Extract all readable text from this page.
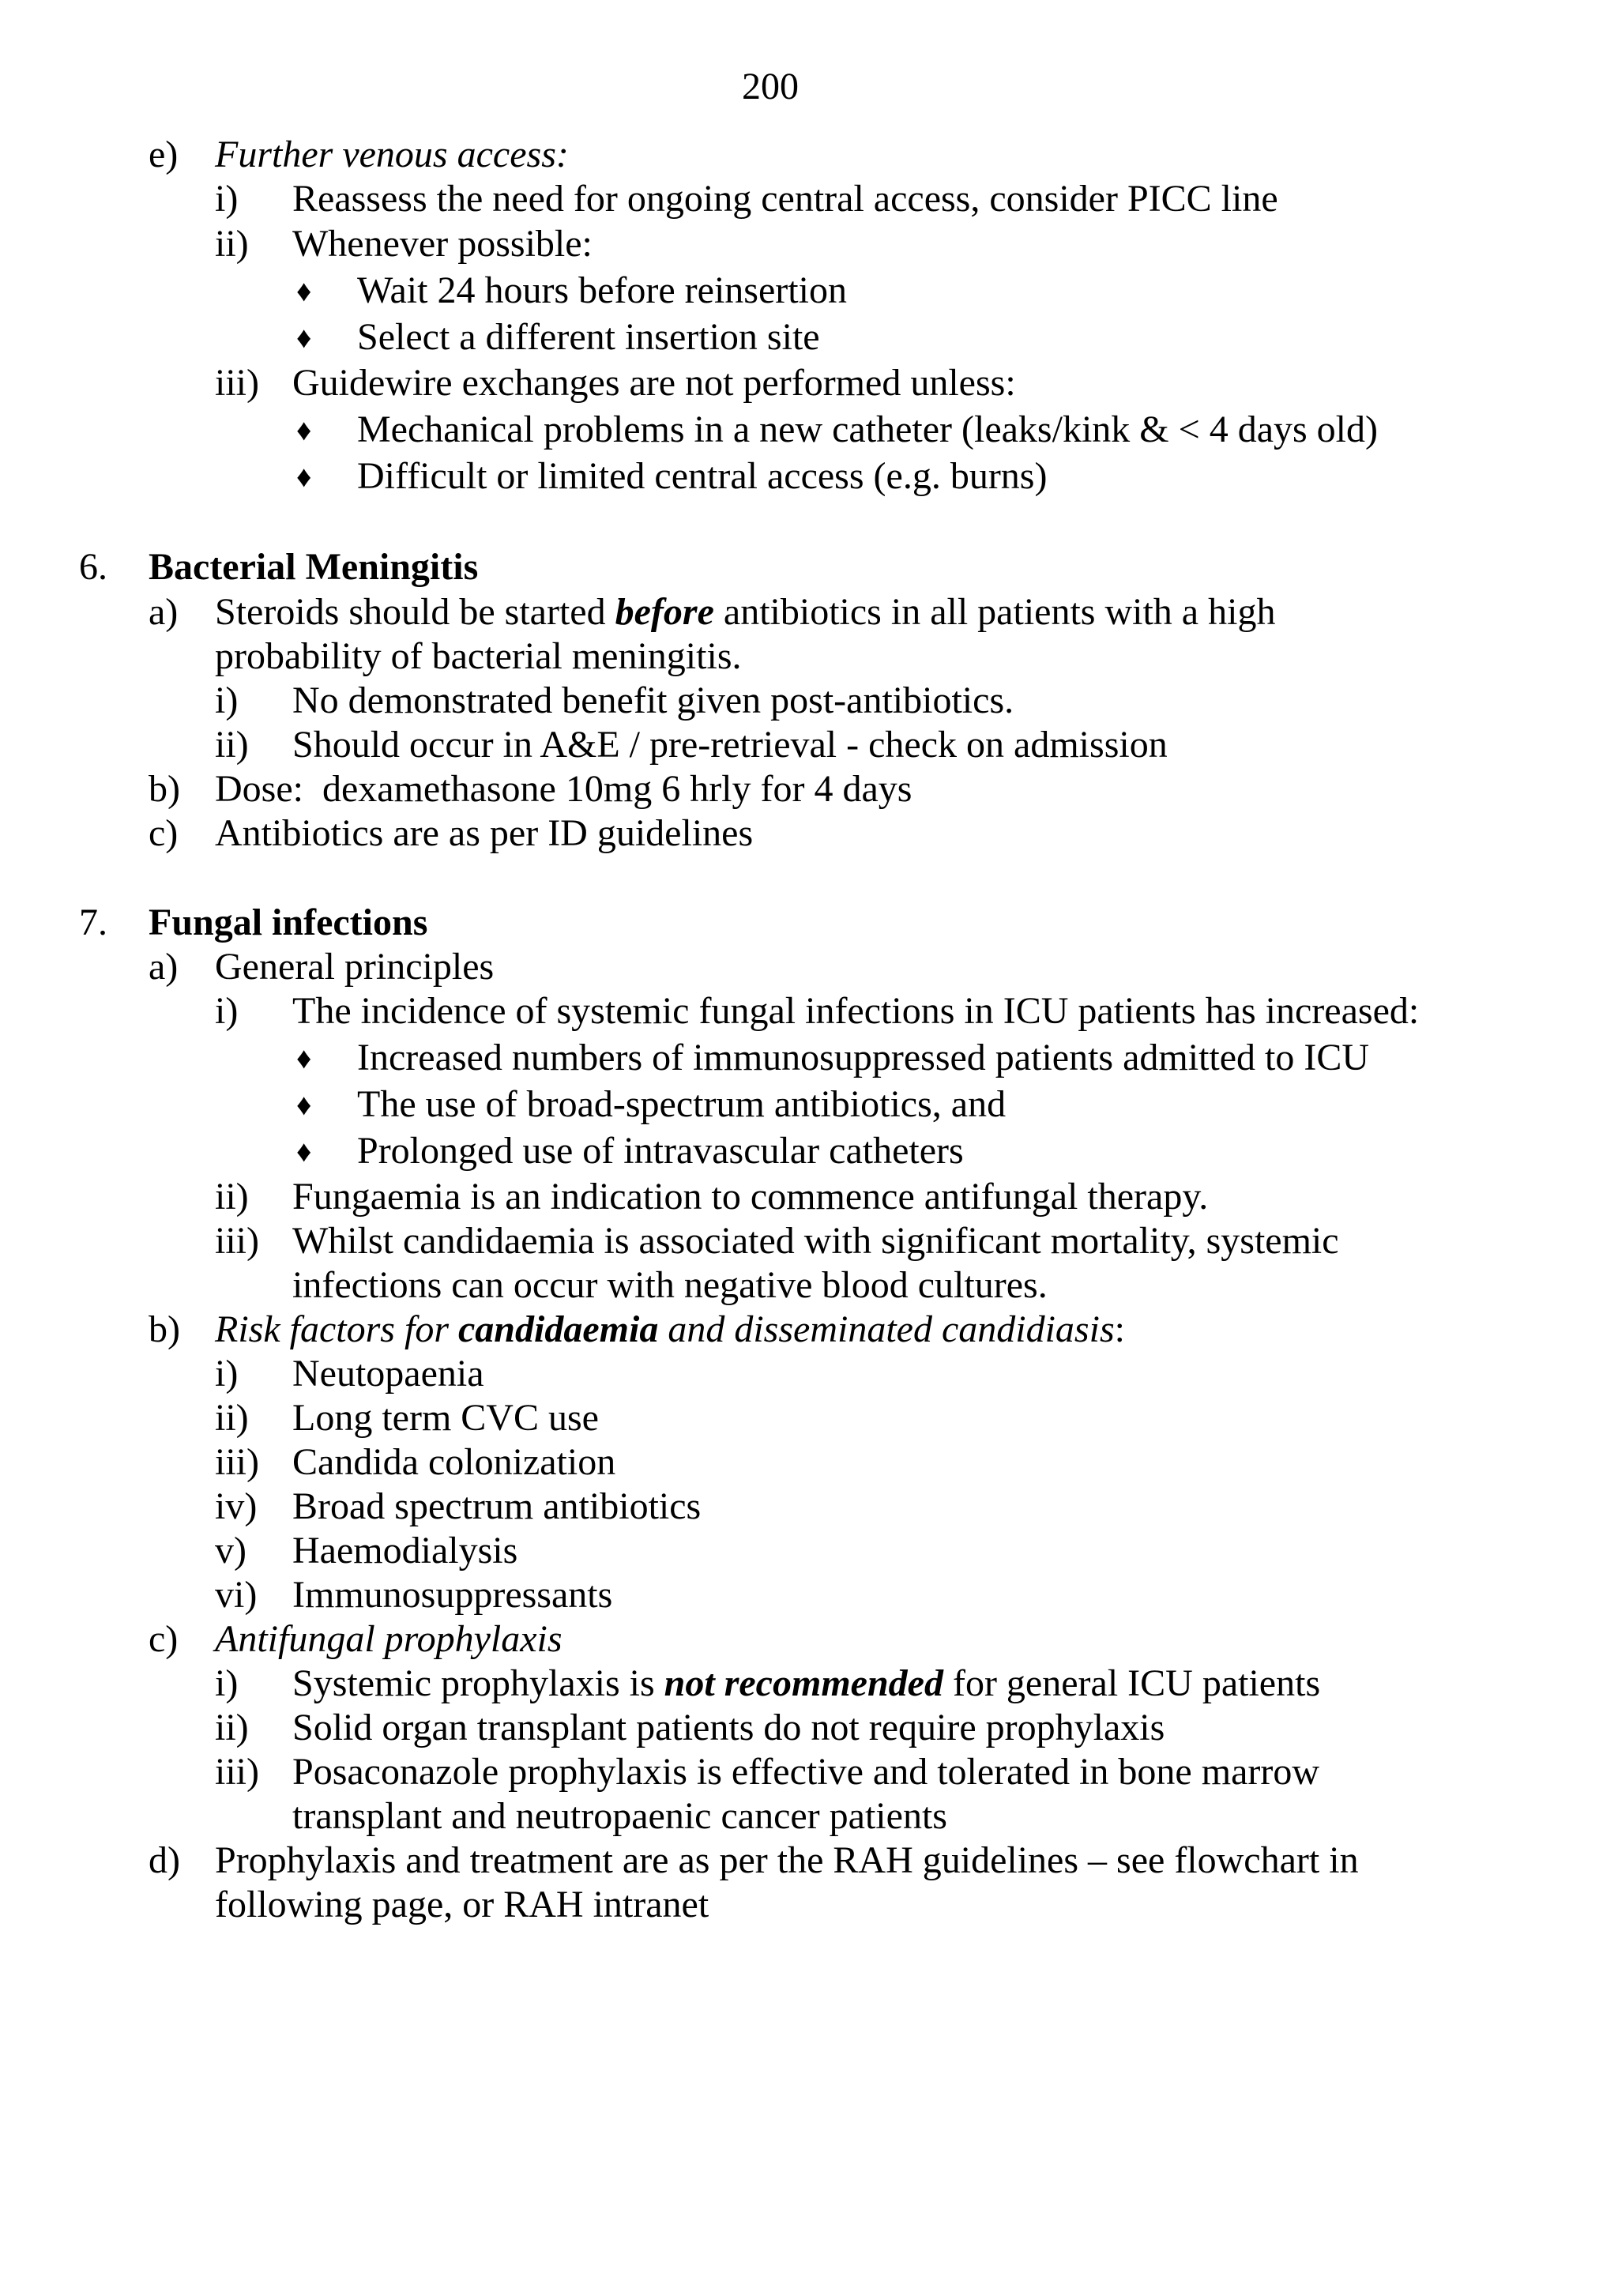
200
e) Further venous access:
i) Reassess the need for ongoing central access, consider PICC line
ii) Whenever possible:
♦ Wait 24 hours before reinsertion
♦ Select a different insertion site
iii) Guidewire exchanges are not performed unless:
♦ Mechanical problems in a new catheter (leaks/kink & < 4 days old)
♦ Difficult or limited central access (e.g. burns)
6. Bacterial Meningitis
a) Steroids should be started before antibiotics in all patients with a high
probability of bacterial meningitis.
i) No demonstrated benefit given post-antibiotics.
ii) Should occur in A&E / pre-retrieval - check on admission
b) Dose:  dexamethasone 10mg 6 hrly for 4 days
c) Antibiotics are as per ID guidelines
7. Fungal infections
a) General principles
i) The incidence of systemic fungal infections in ICU patients has increased:
♦ Increased numbers of immunosuppressed patients admitted to ICU
♦ The use of broad-spectrum antibiotics, and
♦ Prolonged use of intravascular catheters
ii) Fungaemia is an indication to commence antifungal therapy.
iii) Whilst candidaemia is associated with significant mortality, systemic
infections can occur with negative blood cultures.
b) Risk factors for candidaemia and disseminated candidiasis:
i) Neutopaenia
ii) Long term CVC use
iii) Candida colonization
iv) Broad spectrum antibiotics
v) Haemodialysis
vi) Immunosuppressants
c) Antifungal prophylaxis
i) Systemic prophylaxis is not recommended for general ICU patients
ii) Solid organ transplant patients do not require prophylaxis
iii) Posaconazole prophylaxis is effective and tolerated in bone marrow
transplant and neutropaenic cancer patients
d) Prophylaxis and treatment are as per the RAH guidelines – see flowchart in
following page, or RAH intranet
